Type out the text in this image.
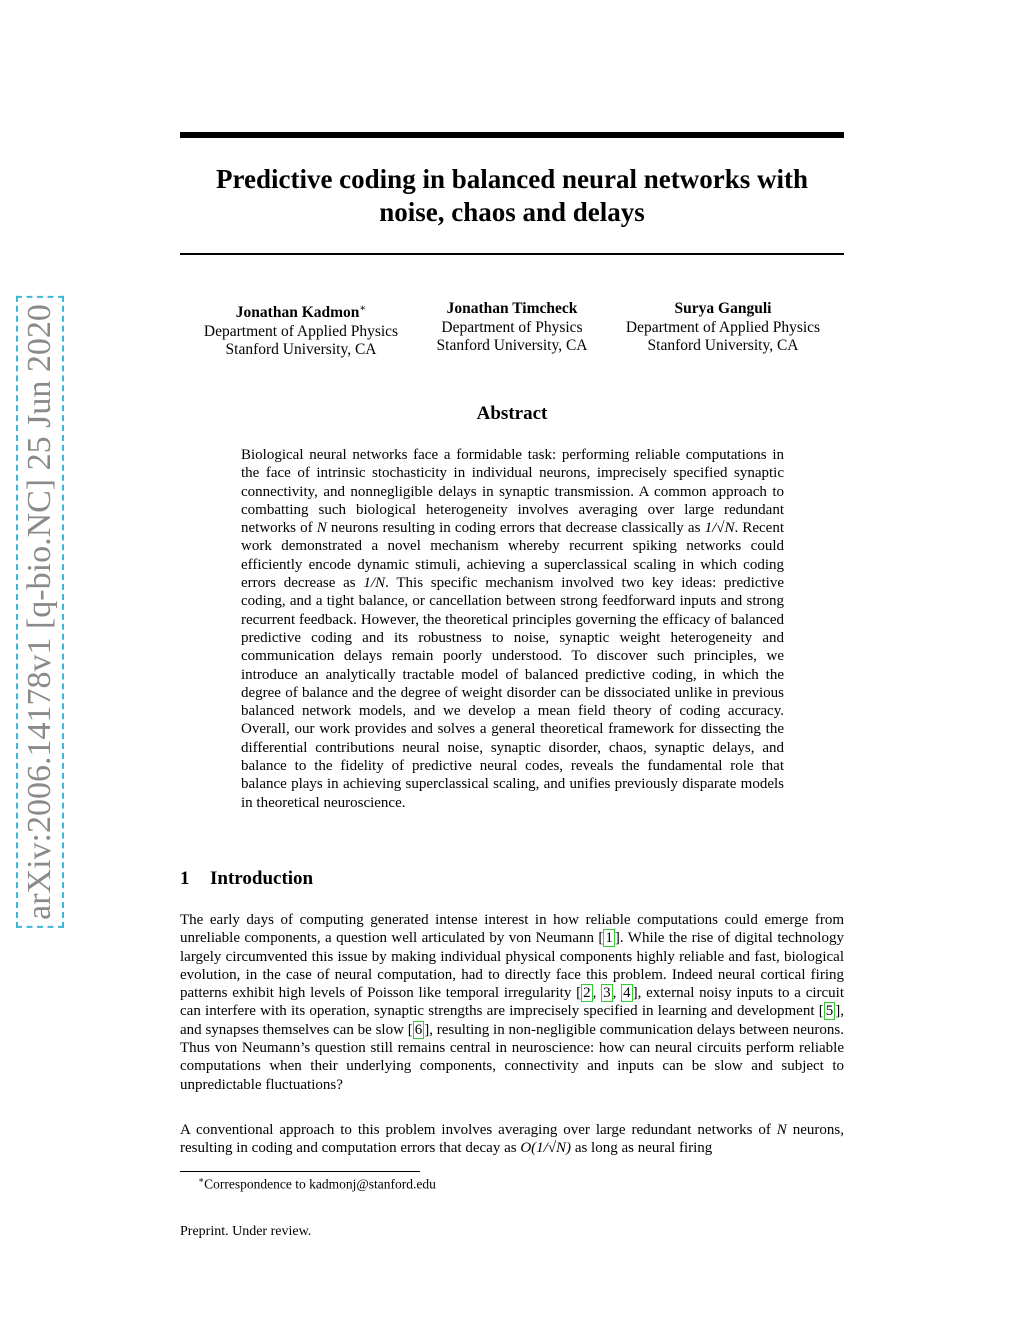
arXiv:2006.14178v1 [q-bio.NC] 25 Jun 2020
Predictive coding in balanced neural networks with
noise, chaos and delays
Jonathan Kadmon∗
Department of Applied Physics
Stanford University, CA
Jonathan Timcheck
Department of Physics
Stanford University, CA
Surya Ganguli
Department of Applied Physics
Stanford University, CA
Abstract
Biological neural networks face a formidable task: performing reliable computations in the face of intrinsic stochasticity in individual neurons, imprecisely specified synaptic connectivity, and nonnegligible delays in synaptic transmission. A common approach to combatting such biological heterogeneity involves averaging over large redundant networks of N neurons resulting in coding errors that decrease classically as 1/√N. Recent work demonstrated a novel mechanism whereby recurrent spiking networks could efficiently encode dynamic stimuli, achieving a superclassical scaling in which coding errors decrease as 1/N. This specific mechanism involved two key ideas: predictive coding, and a tight balance, or cancellation between strong feedforward inputs and strong recurrent feedback. However, the theoretical principles governing the efficacy of balanced predictive coding and its robustness to noise, synaptic weight heterogeneity and communication delays remain poorly understood. To discover such principles, we introduce an analytically tractable model of balanced predictive coding, in which the degree of balance and the degree of weight disorder can be dissociated unlike in previous balanced network models, and we develop a mean field theory of coding accuracy. Overall, our work provides and solves a general theoretical framework for dissecting the differential contributions neural noise, synaptic disorder, chaos, synaptic delays, and balance to the fidelity of predictive neural codes, reveals the fundamental role that balance plays in achieving superclassical scaling, and unifies previously disparate models in theoretical neuroscience.
1 Introduction
The early days of computing generated intense interest in how reliable computations could emerge from unreliable components, a question well articulated by von Neumann [ 1 ]. While the rise of digital technology largely circumvented this issue by making individual physical components highly reliable and fast, biological evolution, in the case of neural computation, had to directly face this problem. Indeed neural cortical firing patterns exhibit high levels of Poisson like temporal irregularity [ 2 , 3 , 4 ], external noisy inputs to a circuit can interfere with its operation, synaptic strengths are imprecisely specified in learning and development [ 5 ], and synapses themselves can be slow [ 6 ], resulting in non-negligible communication delays between neurons. Thus von Neumann’s question still remains central in neuroscience: how can neural circuits perform reliable computations when their underlying components, connectivity and inputs can be slow and subject to unpredictable fluctuations?
A conventional approach to this problem involves averaging over large redundant networks of N neurons, resulting in coding and computation errors that decay as O(1/√N) as long as neural firing
∗Correspondence to kadmonj@stanford.edu
Preprint. Under review.
